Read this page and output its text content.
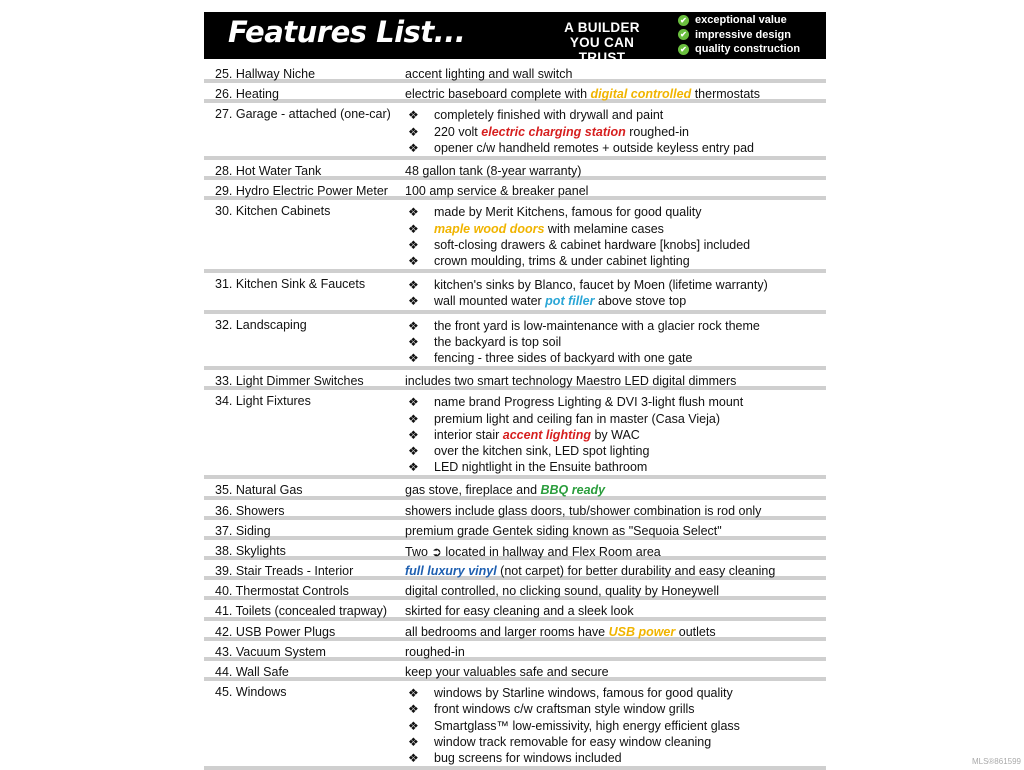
Features List...	A BUILDER
YOU CAN TRUST
✔ exceptional value
✔ impressive design
✔ quality construction
25. Hallway Niche	accent lighting and wall switch
26. Heating	electric baseboard complete with digital controlled thermostats
27. Garage - attached (one-car) ❖	completely finished with drywall and paint
❖	220 volt electric charging station roughed-in
❖	opener c/w handheld remotes + outside keyless entry pad
28. Hot Water Tank	48 gallon tank (8-year warranty)
29. Hydro Electric Power Meter 100 amp service & breaker panel
30. Kitchen Cabinets	❖	made by Merit Kitchens, famous for good quality
❖	maple wood doors with melamine cases
❖	soft-closing drawers & cabinet hardware [knobs] included
❖	crown moulding, trims & under cabinet lighting
31. Kitchen Sink & Faucets	❖	kitchen's sinks by Blanco, faucet by Moen (lifetime warranty)
❖	wall mounted water pot filler above stove top
32. Landscaping	❖	the front yard is low-maintenance with a glacier rock theme
❖	the backyard is top soil
❖	fencing - three sides of backyard with one gate
33. Light Dimmer Switches	includes two smart technology Maestro LED digital dimmers
34. Light Fixtures	❖	name brand Progress Lighting & DVI 3-light flush mount
❖	premium light and ceiling fan in master (Casa Vieja)
❖	interior stair accent lighting by WAC
❖	over the kitchen sink, LED spot lighting
❖	LED nightlight in the Ensuite bathroom
35. Natural Gas	gas stove, fireplace and BBQ ready
36. Showers	showers include glass doors, tub/shower combination is rod only
37. Siding	premium grade Gentek siding known as "Sequoia Select"
38. Skylights	Two ➲ located in hallway and Flex Room area
39. Stair Treads - Interior	full luxury vinyl (not carpet) for better durability and easy cleaning
40. Thermostat Controls	digital controlled, no clicking sound, quality by Honeywell
41. Toilets (concealed trapway) skirted for easy cleaning and a sleek look
42. USB Power Plugs	all bedrooms and larger rooms have USB power outlets
43. Vacuum System	roughed-in
44. Wall Safe	keep your valuables safe and secure
45. Windows	❖	windows by Starline windows, famous for good quality
❖	front windows c/w craftsman style window grills
❖	Smartglass™ low-emissivity, high energy efficient glass
❖	window track removable for easy window cleaning
❖	bug screens for windows included	MLS®861599
